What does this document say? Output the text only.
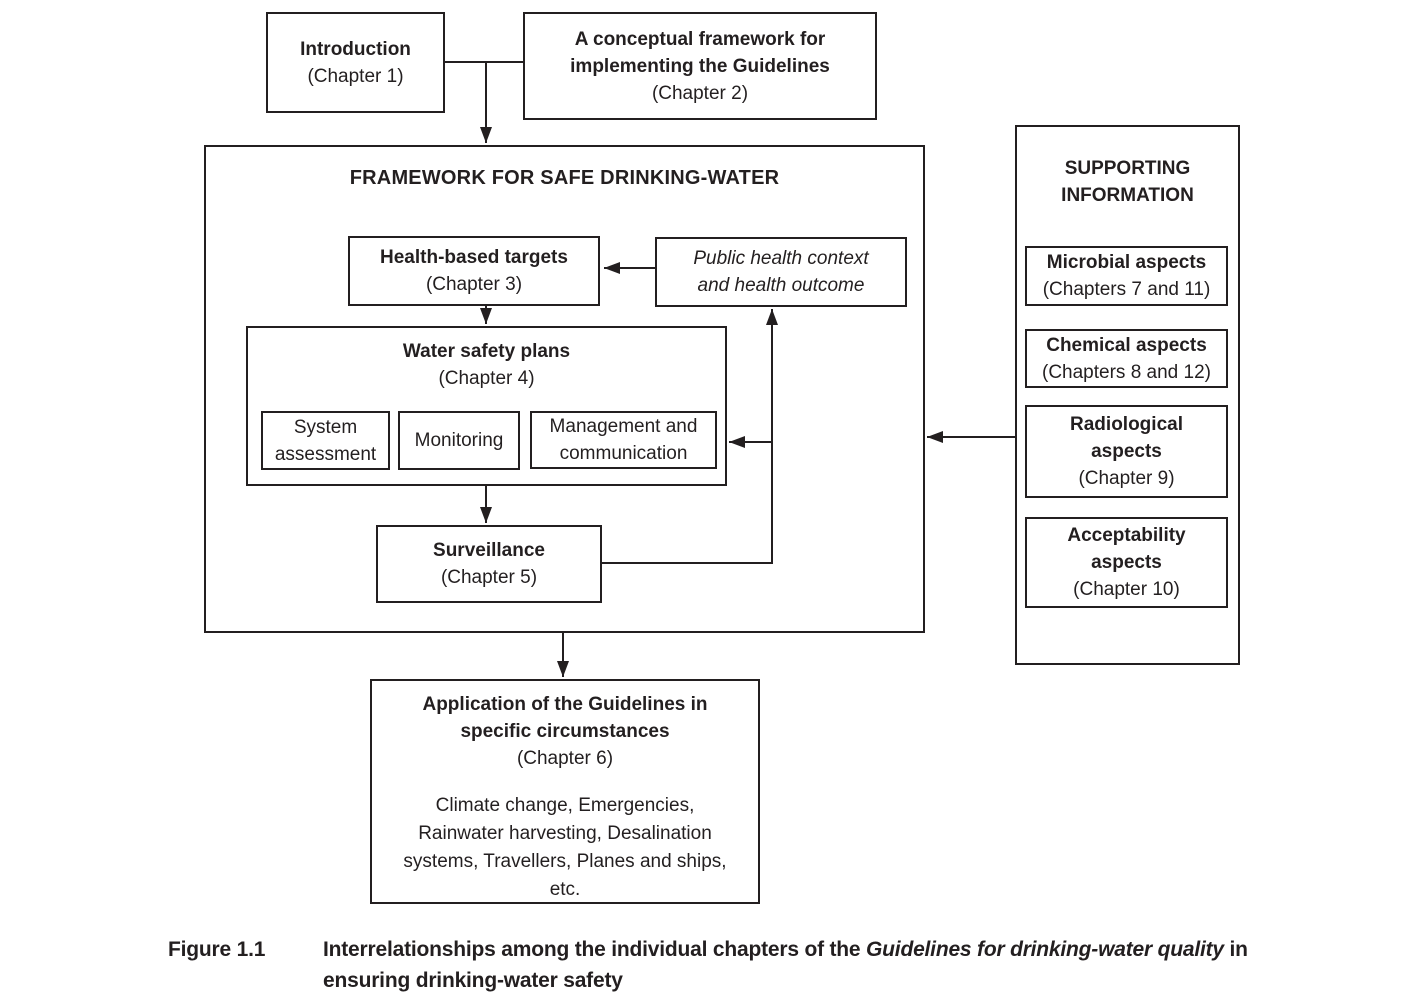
Introduction
(Chapter 1)
A conceptual framework for implementing the Guidelines
(Chapter 2)
FRAMEWORK FOR SAFE DRINKING-WATER
Health-based targets
(Chapter 3)
Public health context and health outcome
Water safety plans
(Chapter 4)
System assessment
Monitoring
Management and communication
Surveillance
(Chapter 5)
SUPPORTING INFORMATION
Microbial aspects
(Chapters 7 and 11)
Chemical aspects
(Chapters 8 and 12)
Radiological aspects
(Chapter 9)
Acceptability aspects
(Chapter 10)
Application of the Guidelines in specific circumstances
(Chapter 6)
Climate change, Emergencies, Rainwater harvesting, Desalination systems, Travellers, Planes and ships, etc.
Figure 1.1	Interrelationships among the individual chapters of the Guidelines for drinking-water quality in ensuring drinking-water safety
